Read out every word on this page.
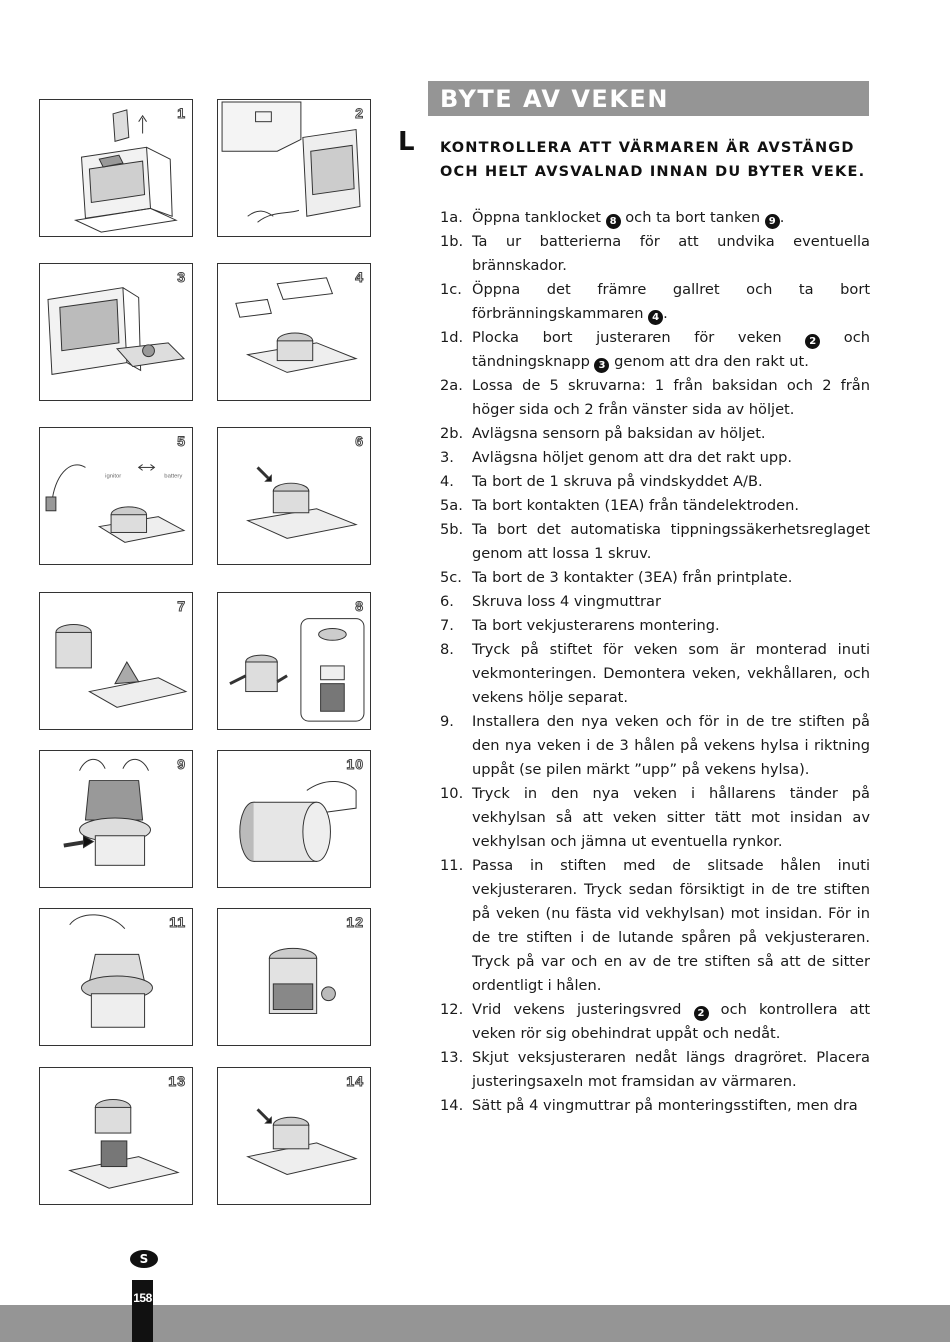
1	2
3	4
ignitor	battery
5	6
7	8
9	10
11	12
13	14
BYTE AV VEKEN
L KONTROLLERA ATT VÄRMAREN ÄR AVSTÄNGD OCH HELT AVSVALNAD INNAN DU BYTER VEKE.
1a. Öppna tanklocket 8 och ta bort tanken 9 .
1b. Ta ur batterierna för att undvika eventuella brännskador.
1c. Öppna det främre gallret och ta bort förbränningskammaren 4 .
1d. Plocka bort justeraren för veken	2 och tändningsknapp 3 genom att dra den rakt ut.
2a. Lossa de 5 skruvarna: 1 från baksidan och 2 från höger sida och 2 från vänster sida av höljet.
2b. Avlägsna sensorn på baksidan av höljet.
3.	Avlägsna höljet genom att dra det rakt upp.
4.	Ta bort de 1 skruva på vindskyddet A/B.
5a. Ta bort kontakten (1EA) från tändelektroden.
5b. Ta bort det automatiska tippningssäkerhetsreglaget genom att lossa 1 skruv.
5c. Ta bort de 3 kontakter (3EA) från printplate.
6.	Skruva loss 4 vingmuttrar
7.	Ta bort vekjusterarens montering.
8.	Tryck på stiftet för veken som är monterad inuti vekmonteringen. Demontera veken, vekhållaren, och vekens hölje separat.
9.	Installera den nya veken och för in de tre stiften på den nya veken i de 3 hålen på vekens hylsa i riktning uppåt (se pilen märkt ”upp” på vekens hylsa).
10. Tryck in den nya veken i hållarens tänder på vekhylsan så att veken sitter tätt mot insidan av vekhylsan och jämna ut eventuella rynkor.
11. Passa in stiften med de slitsade hålen inuti vekjusteraren. Tryck sedan försiktigt in de tre stiften på veken (nu fästa vid vekhylsan) mot insidan. För in de tre stiften i de lutande spåren på vekjusteraren. Tryck på var och en av de tre stiften så att de sitter ordentligt i hålen.
12. Vrid vekens justeringsvred 2 och kontrollera att veken rör sig obehindrat uppåt och nedåt.
13. Skjut veksjusteraren nedåt längs dragröret. Placera justeringsaxeln mot framsidan av värmaren.
14. Sätt på 4 vingmuttrar på monteringsstiften, men dra
S
158
